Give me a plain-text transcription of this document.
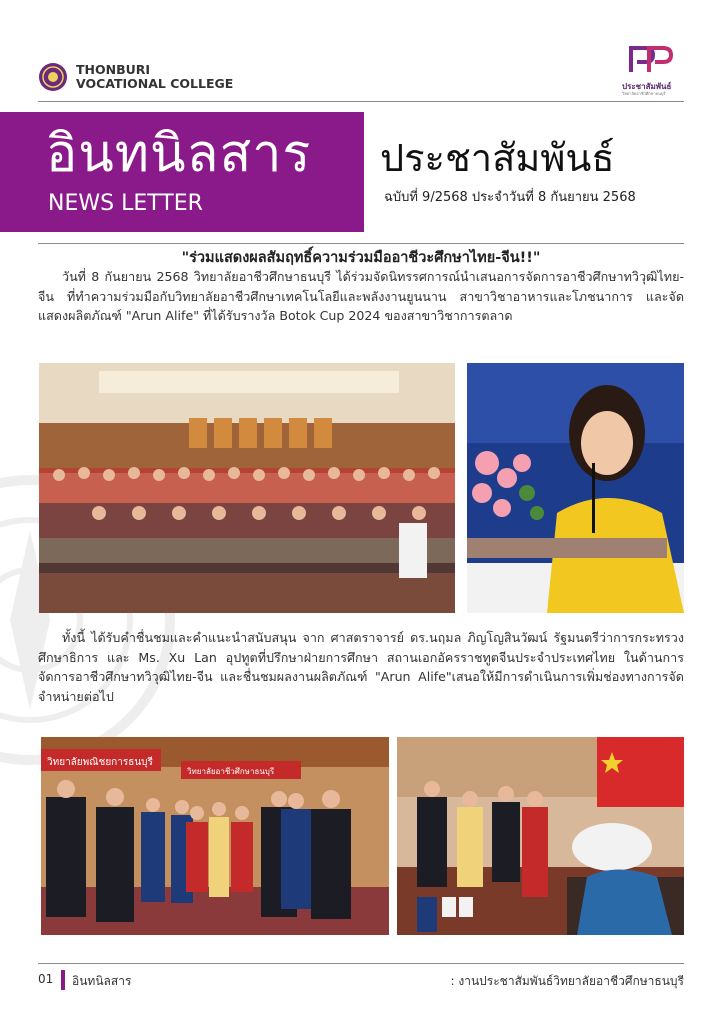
THONBURI
VOCATIONAL COLLEGE	ประชาสัมพันธ์
วิทยาลัยอาชีวศึกษาธนบุรี
อินทนิลสาร
NEWS LETTER
ประชาสัมพันธ์
ฉบับที่ 9/2568 ประจำวันที่ 8 กันยายน 2568
"ร่วมแสดงผลสัมฤทธิ์ความร่วมมืออาชีวะศึกษาไทย-จีน!!"
วันที่ 8 กันยายน 2568 วิทยาลัยอาชีวศึกษาธนบุรี ได้ร่วมจัดนิทรรศการณ์นำเสนอการจัดการอาชีวศึกษาทวิวุฒิไทย-จีน ที่ทำความร่วมมือกับวิทยาลัยอาชีวศึกษาเทคโนโลยีและพลังงานยูนนาน สาขาวิชาอาหารและโภชนาการ และจัดแสดงผลิตภัณฑ์ "Arun Alife" ที่ได้รับรางวัล Botok Cup 2024 ของสาขาวิชาการตลาด
ทั้งนี้ ได้รับคำชื่นชมและคำแนะนำสนับสนุน จาก ศาสตราจารย์ ดร.นฤมล ภิญโญสินวัฒน์ รัฐมนตรีว่าการกระทรวงศึกษาธิการ และ Ms. Xu Lan อุปทูตที่ปรึกษาฝ่ายการศึกษา สถานเอกอัครราชทูตจีนประจำประเทศไทย ในด้านการจัดการอาชีวศึกษาทวิวุฒิไทย-จีน และชื่นชมผลงานผลิตภัณฑ์ "Arun Alife"เสนอให้มีการดำเนินการเพิ่มช่องทางการจัดจำหน่ายต่อไป
วิทยาลัยพณิชยการธนบุรี
วิทยาลัยอาชีวศึกษาธนบุรี
01 อินทนิลสาร	: งานประชาสัมพันธ์วิทยาลัยอาชีวศึกษาธนบุรี
